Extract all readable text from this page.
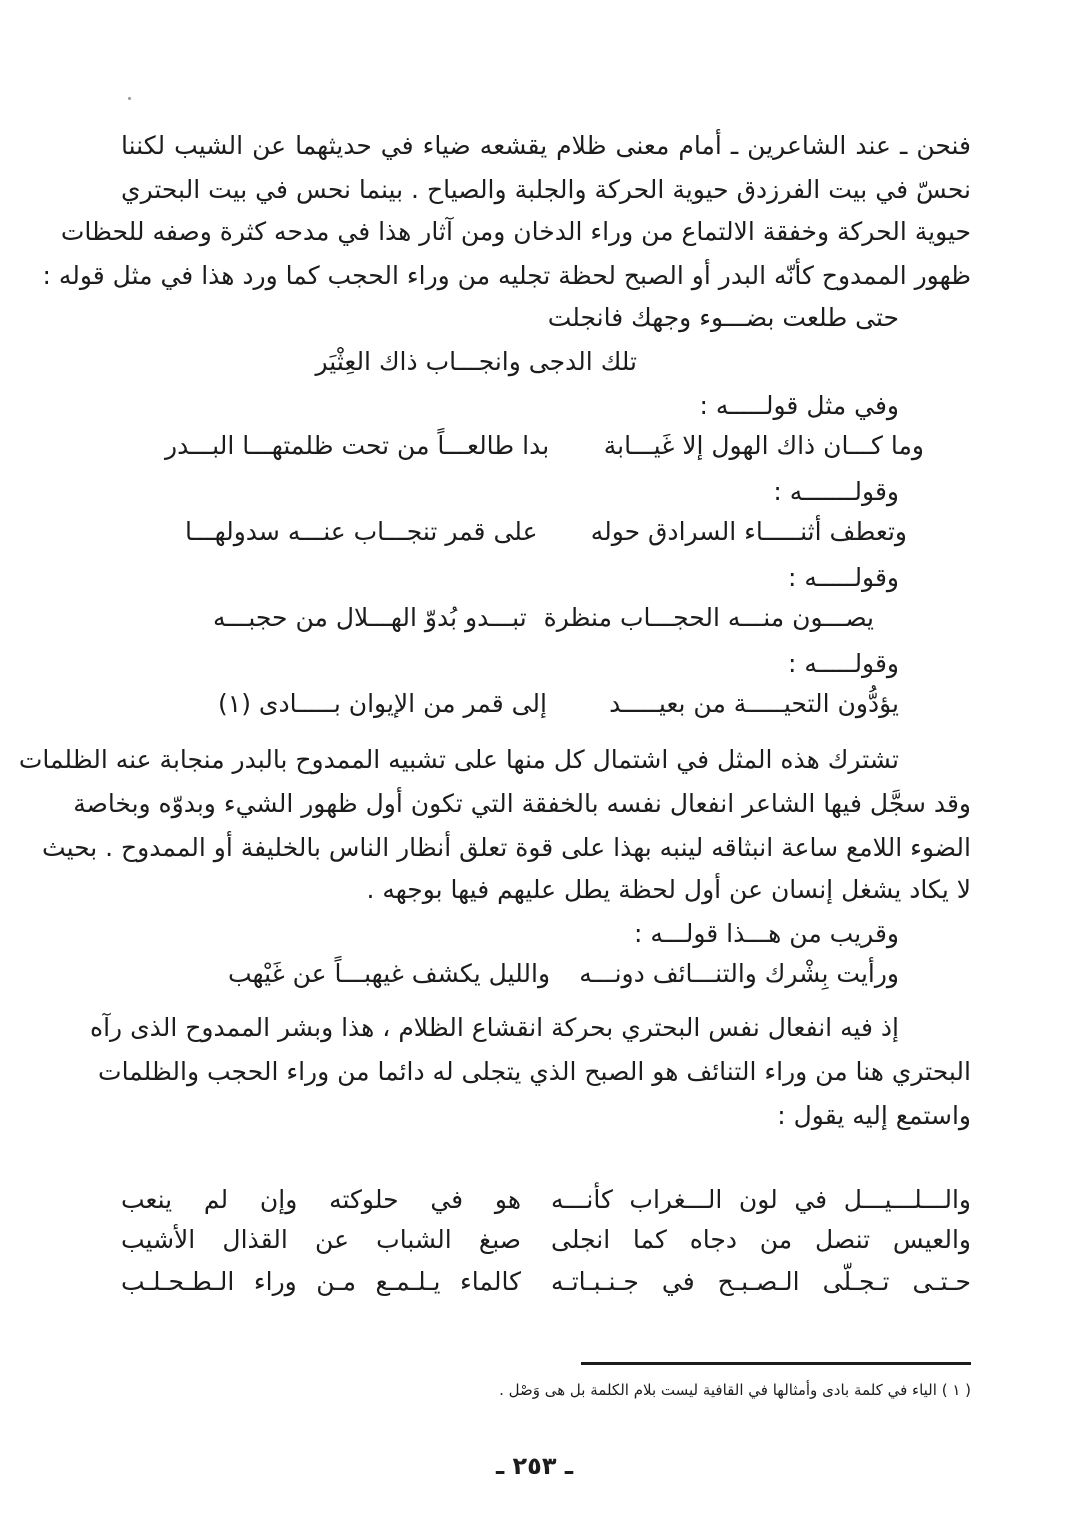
فنحن ـ عند الشاعرين ـ أمام معنى ظلام يقشعه ضياء في حديثهما عن الشيب لكننا
نحسّ في بيت الفرزدق حيوية الحركة والجلبة والصياح . بينما نحس في بيت البحتري
حيوية الحركة وخفقة الالتماع من وراء الدخان ومن آثار هذا في مدحه كثرة وصفه للحظات
ظهور الممدوح كأنّه البدر أو الصبح لحظة تجليه من وراء الحجب كما ورد هذا في مثل قوله :
حتى طلعت بضـــوء وجهك فانجلت
تلك الدجى وانجـــاب ذاك العِثْيَر
وفي مثل قولـــــه :
وما كـــان ذاك الهول إلا غَيـــابة
بدا طالعـــاً من تحت ظلمتهـــا البـــدر
وقولـــــــه :
وتعطف أثنـــــاء السرادق حوله
على قمر تنجـــاب عنـــه سدولهـــا
وقولـــــه :
يصـــون منـــه الحجـــاب منظرة
تبـــدو بُدوّ الهـــلال من حجبـــه
وقولـــــه :
يؤدُّون التحيـــــة من بعيـــــد
إلى قمر من الإيوان بـــــادى (١)
تشترك هذه المثل في اشتمال كل منها على تشبيه الممدوح بالبدر منجابة عنه الظلمات
وقد سجَّل فيها الشاعر انفعال نفسه بالخفقة التي تكون أول ظهور الشيء وبدوّه وبخاصة
الضوء اللامع ساعة انبثاقه لينبه بهذا على قوة تعلق أنظار الناس بالخليفة أو الممدوح . بحيث
لا يكاد يشغل إنسان عن أول لحظة يطل عليهم فيها بوجهه .
وقريب من هـــذا قولـــه :
ورأيت بِشْرك والتنـــائف دونـــه
والليل يكشف غيهبـــاً عن غَيْهب
إذ فيه انفعال نفس البحتري بحركة انقشاع الظلام ، هذا وبشر الممدوح الذى رآه
البحتري هنا من وراء التنائف هو الصبح الذي يتجلى له دائما من وراء الحجب والظلمات
واستمع إليه يقول :
والـــلـــيـــل في لون الـــغراب كأنـــه
هو في حلوكته وإن لم ينعب
والعيس تنصل من دجاه كما انجلى
صبغ الشباب عن القذال الأشيب
حـتـى تـجـلّى الـصـبـح في جـنـبـاتـه
كالماء يـلـمـع مـن وراء الـطـحـلـب
( ١ ) الياء في كلمة بادى وأمثالها في القافية ليست بلام الكلمة بل هى وَصْل .
ـ ٢٥٣ ـ
